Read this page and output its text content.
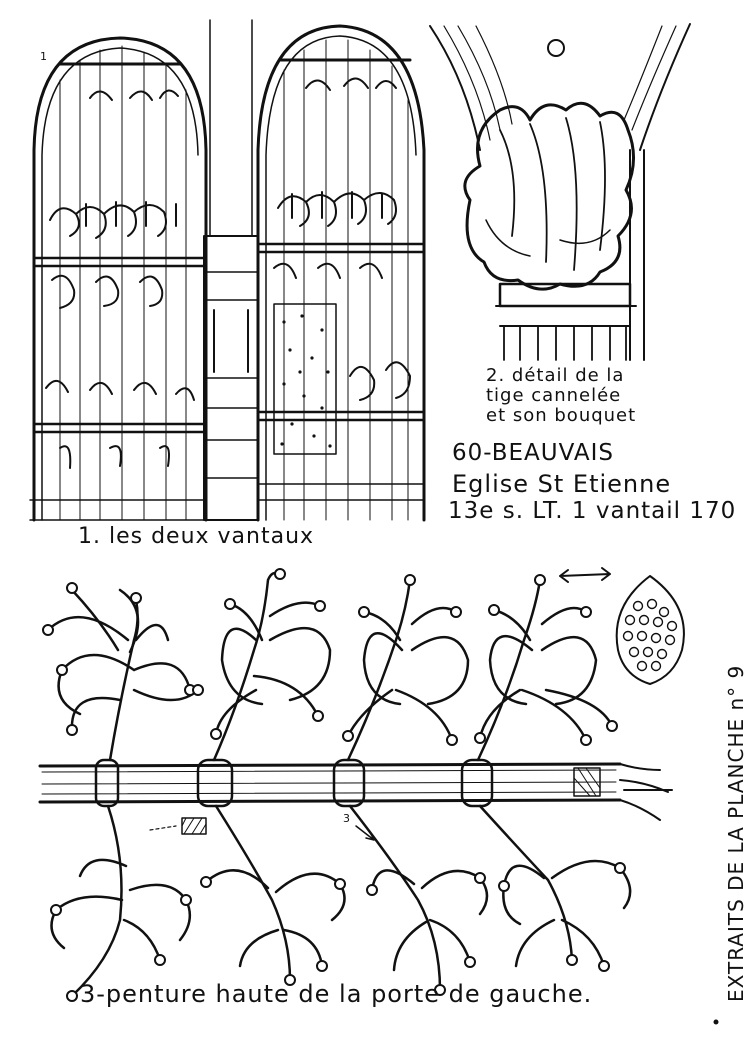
1
3
1. les deux vantaux
2. détail de la
tige cannelée
et son bouquet
60-BEAUVAIS
Eglise St Etienne
13e s. LT. 1 vantail 170
3-penture haute de la porte de gauche.	EXTRAITS DE LA PLANCHE n° 9
